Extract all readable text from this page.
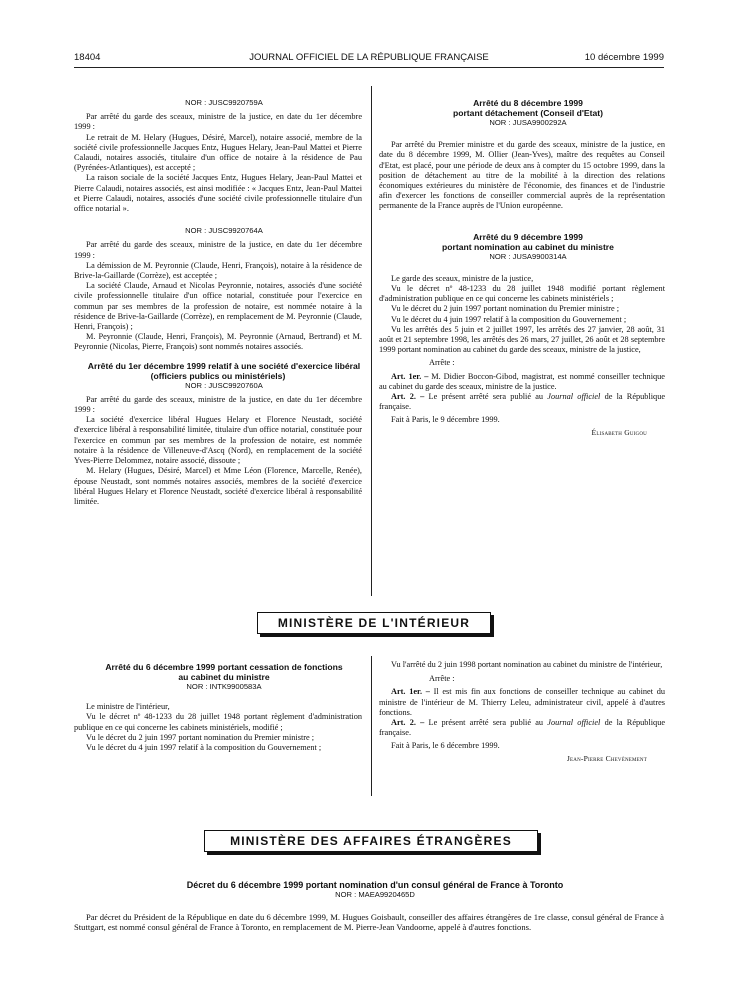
18404	JOURNAL OFFICIEL DE LA RÉPUBLIQUE FRANÇAISE	10 décembre 1999

NOR : JUSC9920759A

Par arrêté du garde des sceaux, ministre de la justice, en date du 1er décembre 1999 :

Le retrait de M. Helary (Hugues, Désiré, Marcel), notaire associé, membre de la société civile professionnelle Jacques Entz, Hugues Helary, Jean-Paul Mattei et Pierre Calaudi, notaires associés, titulaire d'un office de notaire à la résidence de Pau (Pyrénées-Atlantiques), est accepté ;

La raison sociale de la société Jacques Entz, Hugues Helary, Jean-Paul Mattei et Pierre Calaudi, notaires associés, est ainsi modifiée : « Jacques Entz, Jean-Paul Mattei et Pierre Calaudi, notaires, associés d'une société civile professionnelle titulaire d'un office notarial ».

NOR : JUSC9920764A

Par arrêté du garde des sceaux, ministre de la justice, en date du 1er décembre 1999 :

La démission de M. Peyronnie (Claude, Henri, François), notaire à la résidence de Brive-la-Gaillarde (Corrèze), est acceptée ;

La société Claude, Arnaud et Nicolas Peyronnie, notaires, associés d'une société civile professionnelle titulaire d'un office notarial, constituée pour l'exercice en commun par ses membres de la profession de notaire, est nommée notaire à la résidence de Brive-la-Gaillarde (Corrèze), en remplacement de M. Peyronnie (Claude, Henri, François) ;

M. Peyronnie (Claude, Henri, François), M. Peyronnie (Arnaud, Bertrand) et M. Peyronnie (Nicolas, Pierre, François) sont nommés notaires associés.

Arrêté du 1er décembre 1999 relatif à une société d'exercice libéral (officiers publics ou ministériels)

NOR : JUSC9920760A

Par arrêté du garde des sceaux, ministre de la justice, en date du 1er décembre 1999 :

La société d'exercice libéral Hugues Helary et Florence Neustadt, société d'exercice libéral à responsabilité limitée, titulaire d'un office notarial, constituée pour l'exercice en commun par ses membres de la profession de notaire, est nommée notaire à la résidence de Villeneuve-d'Ascq (Nord), en remplacement de la société Yves-Pierre Delommez, notaire associé, dissoute ;

M. Helary (Hugues, Désiré, Marcel) et Mme Léon (Florence, Marcelle, Renée), épouse Neustadt, sont nommés notaires associés, membres de la société d'exercice libéral Hugues Helary et Florence Neustadt, société d'exercice libéral à responsabilité limitée.

Arrêté du 8 décembre 1999

portant détachement (Conseil d'Etat)

NOR : JUSA9900292A

Par arrêté du Premier ministre et du garde des sceaux, ministre de la justice, en date du 8 décembre 1999, M. Ollier (Jean-Yves), maître des requêtes au Conseil d'Etat, est placé, pour une période de deux ans à compter du 15 octobre 1999, dans la position de détachement au titre de la mobilité à la direction des relations économiques extérieures du ministère de l'économie, des finances et de l'industrie afin d'exercer les fonctions de conseiller commercial auprès de la représentation permanente de la France auprès de l'Union européenne.

Arrêté du 9 décembre 1999

portant nomination au cabinet du ministre

NOR : JUSA9900314A

Le garde des sceaux, ministre de la justice,

Vu le décret nº 48-1233 du 28 juillet 1948 modifié portant règlement d'administration publique en ce qui concerne les cabinets ministériels ;

Vu le décret du 2 juin 1997 portant nomination du Premier ministre ;

Vu le décret du 4 juin 1997 relatif à la composition du Gouvernement ;

Vu les arrêtés des 5 juin et 2 juillet 1997, les arrêtés des 27 janvier, 28 août, 31 août et 21 septembre 1998, les arrêtés des 26 mars, 27 juillet, 26 août et 28 septembre 1999 portant nomination au cabinet du garde des sceaux, ministre de la justice,

Arrête :

Art. 1er. – M. Didier Boccon-Gibod, magistrat, est nommé conseiller technique au cabinet du garde des sceaux, ministre de la justice.

Art. 2. – Le présent arrêté sera publié au Journal officiel de la République française.

Fait à Paris, le 9 décembre 1999.

Élisabeth Guigou

MINISTÈRE DE L'INTÉRIEUR

Arrêté du 6 décembre 1999 portant cessation de fonctions

au cabinet du ministre

NOR : INTK9900583A

Le ministre de l'intérieur,

Vu le décret nº 48-1233 du 28 juillet 1948 portant règlement d'administration publique en ce qui concerne les cabinets ministériels, modifié ;

Vu le décret du 2 juin 1997 portant nomination du Premier ministre ;

Vu le décret du 4 juin 1997 relatif à la composition du Gouvernement ;

Vu l'arrêté du 2 juin 1998 portant nomination au cabinet du ministre de l'intérieur,

Arrête :

Art. 1er. – Il est mis fin aux fonctions de conseiller technique au cabinet du ministre de l'intérieur de M. Thierry Leleu, administrateur civil, appelé à d'autres fonctions.

Art. 2. – Le présent arrêté sera publié au Journal officiel de la République française.

Fait à Paris, le 6 décembre 1999.

Jean-Pierre Chevènement

MINISTÈRE DES AFFAIRES ÉTRANGÈRES

Décret du 6 décembre 1999 portant nomination d'un consul général de France à Toronto

NOR : MAEA9920465D

Par décret du Président de la République en date du 6 décembre 1999, M. Hugues Goisbault, conseiller des affaires étrangères de 1re classe, consul général de France à Stuttgart, est nommé consul général de France à Toronto, en remplacement de M. Pierre-Jean Vandoorne, appelé à d'autres fonctions.
